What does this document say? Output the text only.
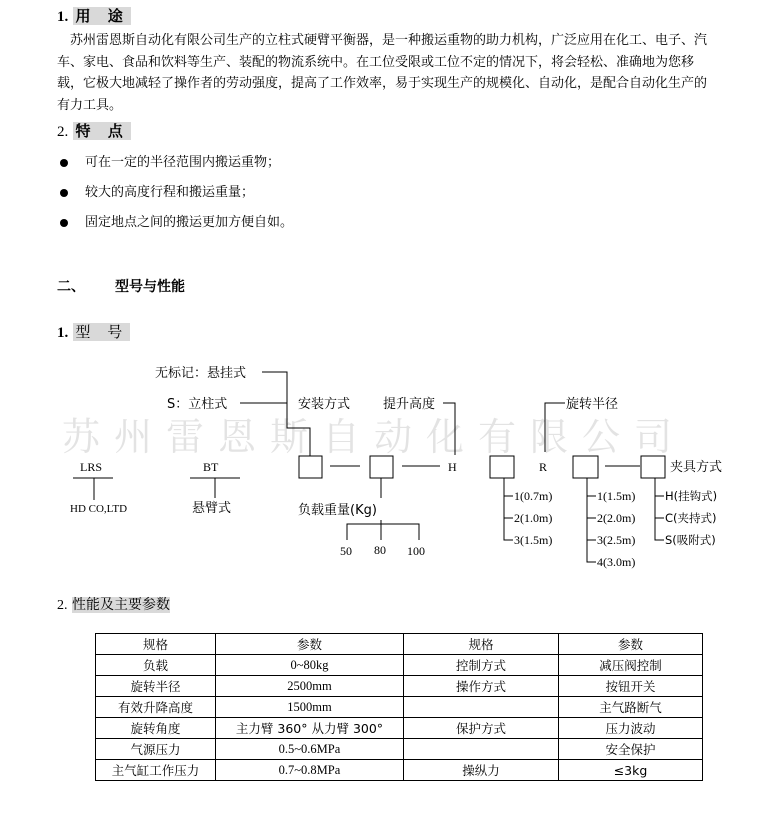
1. 用 途
苏州雷恩斯自动化有限公司生产的立柱式硬臂平衡器，是一种搬运重物的助力机构，广泛应用在化工、电子、汽车、家电、食品和饮料等生产、装配的物流系统中。在工位受限或工位不定的情况下，将会轻松、准确地为您移载，它极大地减轻了操作者的劳动强度，提高了工作效率，易于实现生产的规模化、自动化，是配合自动化生产的有力工具。
2. 特 点
可在一定的半径范围内搬运重物；
较大的高度行程和搬运重量；
固定地点之间的搬运更加方便自如。
二、 型号与性能
1. 型 号
苏州雷恩斯自动化有限公司
无标记：悬挂式
S：立柱式	安装方式	提升高度	旋转半径
夹具方式
LRS
HD CO,LTD
BT
悬臂式	负载重量(Kg)
H	R
50 80 100
1(0.7m)
2(1.0m)
3(1.5m)
1(1.5m)
2(2.0m)
3(2.5m)
4(3.0m)
H(挂钩式)
C(夹持式)
S(吸附式)
2. 性能及主要参数
规格	参数	规格	参数
负载	0~80kg	控制方式	减压阀控制
旋转半径	2500mm	操作方式	按钮开关
有效升降高度	1500mm		主气路断气
旋转角度	主力臂 360° 从力臂 300°	保护方式	压力波动
气源压力	0.5~0.6MPa		安全保护
主气缸工作压力	0.7~0.8MPa	操纵力	≤3kg
